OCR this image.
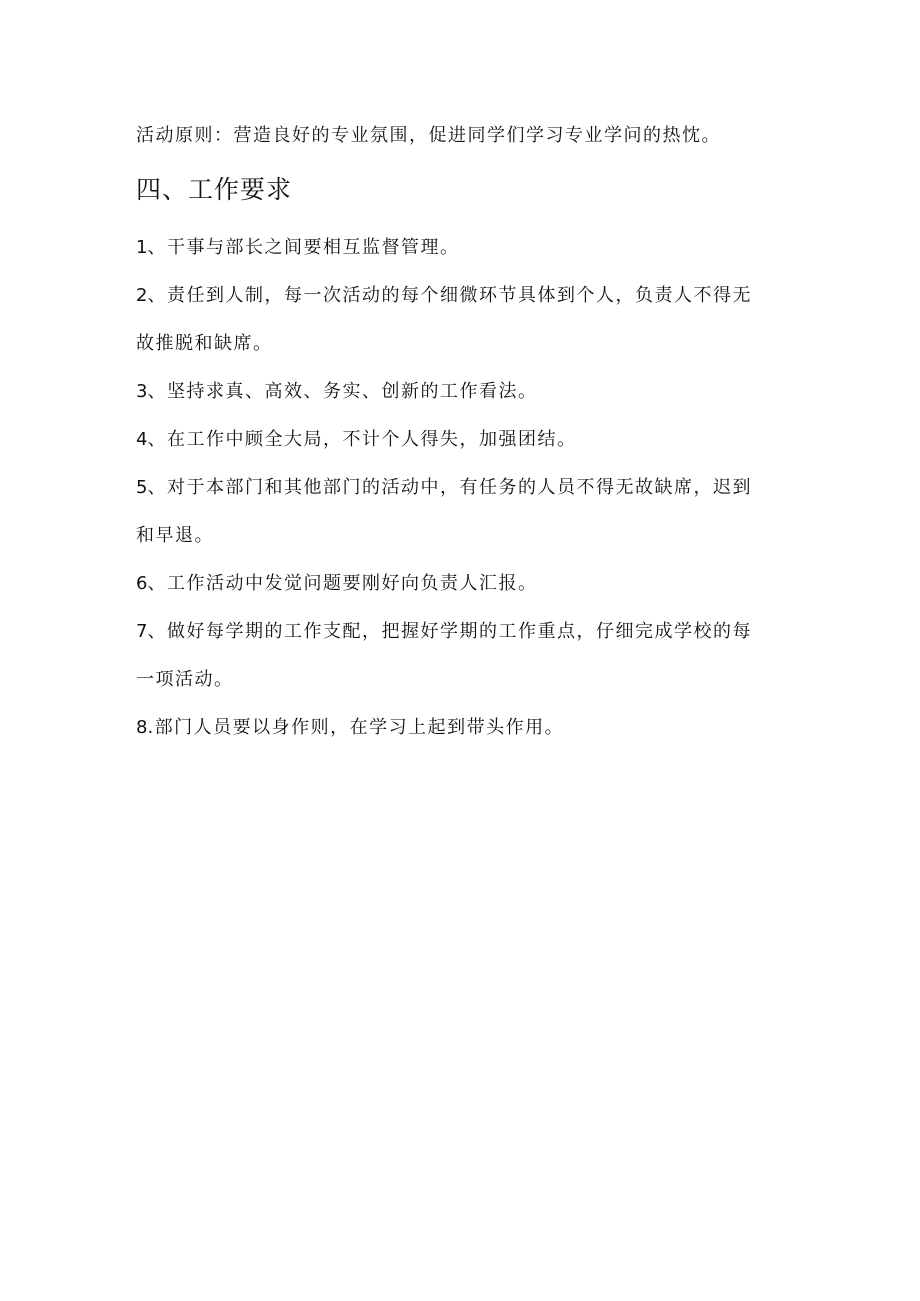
活动原则：营造良好的专业氛围，促进同学们学习专业学问的热忱。

四、工作要求

1、干事与部长之间要相互监督管理。

2、责任到人制，每一次活动的每个细微环节具体到个人，负责人不得无

故推脱和缺席。

3、坚持求真、高效、务实、创新的工作看法。

4、在工作中顾全大局，不计个人得失，加强团结。

5、对于本部门和其他部门的活动中，有任务的人员不得无故缺席，迟到

和早退。

6、工作活动中发觉问题要刚好向负责人汇报。

7、做好每学期的工作支配，把握好学期的工作重点，仔细完成学校的每

一项活动。

8.部门人员要以身作则，在学习上起到带头作用。
